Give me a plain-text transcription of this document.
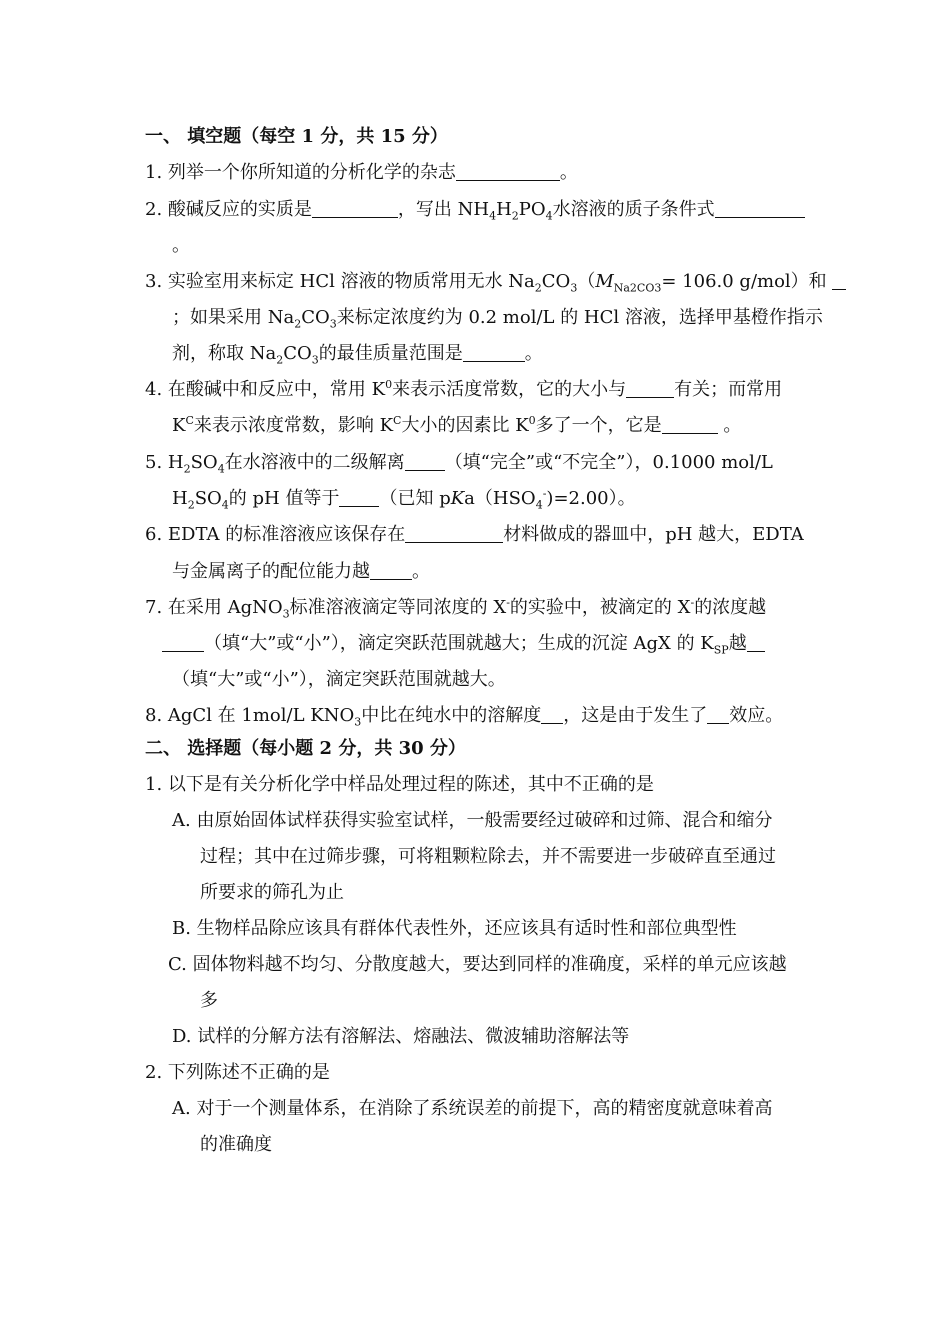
一、 填空题（每空 1 分，共 15 分）
1. 列举一个你所知道的分析化学的杂志	。
2. 酸碱反应的实质是	，写出 $NH_4H_2PO_4$水溶液的质子条件式
。
3. 实验室用来标定 HCl 溶液的物质常用无水 $Na_2CO_3(M_{Na2CO3}= 106.0$ g/mol）和
；如果采用 $Na_2CO_3$来标定浓度约为 0.2 mol/L 的 HCl 溶液，选择甲基橙作指示
剂，称取 $Na_2CO_3$的最佳质量范围是	。
4. 在酸碱中和反应中，常用 $K^0$来表示活度常数，它的大小与	有关；而常用
$K^C$来表示浓度常数，影响 $K^C$大小的因素比 $K^0$多了一个，它是	。
5. $H_2SO_4$在水溶液中的二级解离 （填“完全”或“不完全”），0.1000 mol/L
$H_2SO_4$的 pH 值等于 （已知 $pKa(HSO_4^-)=2.00$）。
6. EDTA 的标准溶液应该保存在	材料做成的器皿中，pH 越大，EDTA
与金属离子的配位能力越 。
7. 在采用 AgNO$_3$标准溶液滴定等同浓度的 X-的实验中，被滴定的 X-的浓度越
（填“大”或“小”），滴定突跃范围就越大；生成的沉淀 AgX 的 $K_{SP}$越
（填“大”或“小”），滴定突跃范围就越大。
8. AgCl 在 1mol/L $KNO_3$中比在纯水中的溶解度 ，这是由于发生了 效应。
二、 选择题（每小题 2 分，共 30 分）
1. 以下是有关分析化学中样品处理过程的陈述，其中不正确的是
A. 由原始固体试样获得实验室试样，一般需要经过破碎和过筛、混合和缩分
过程；其中在过筛步骤，可将粗颗粒除去，并不需要进一步破碎直至通过
所要求的筛孔为止
B. 生物样品除应该具有群体代表性外，还应该具有适时性和部位典型性
C. 固体物料越不均匀、分散度越大，要达到同样的准确度，采样的单元应该越
多
D. 试样的分解方法有溶解法、熔融法、微波辅助溶解法等
2. 下列陈述不正确的是
A. 对于一个测量体系，在消除了系统误差的前提下，高的精密度就意味着高
的准确度
